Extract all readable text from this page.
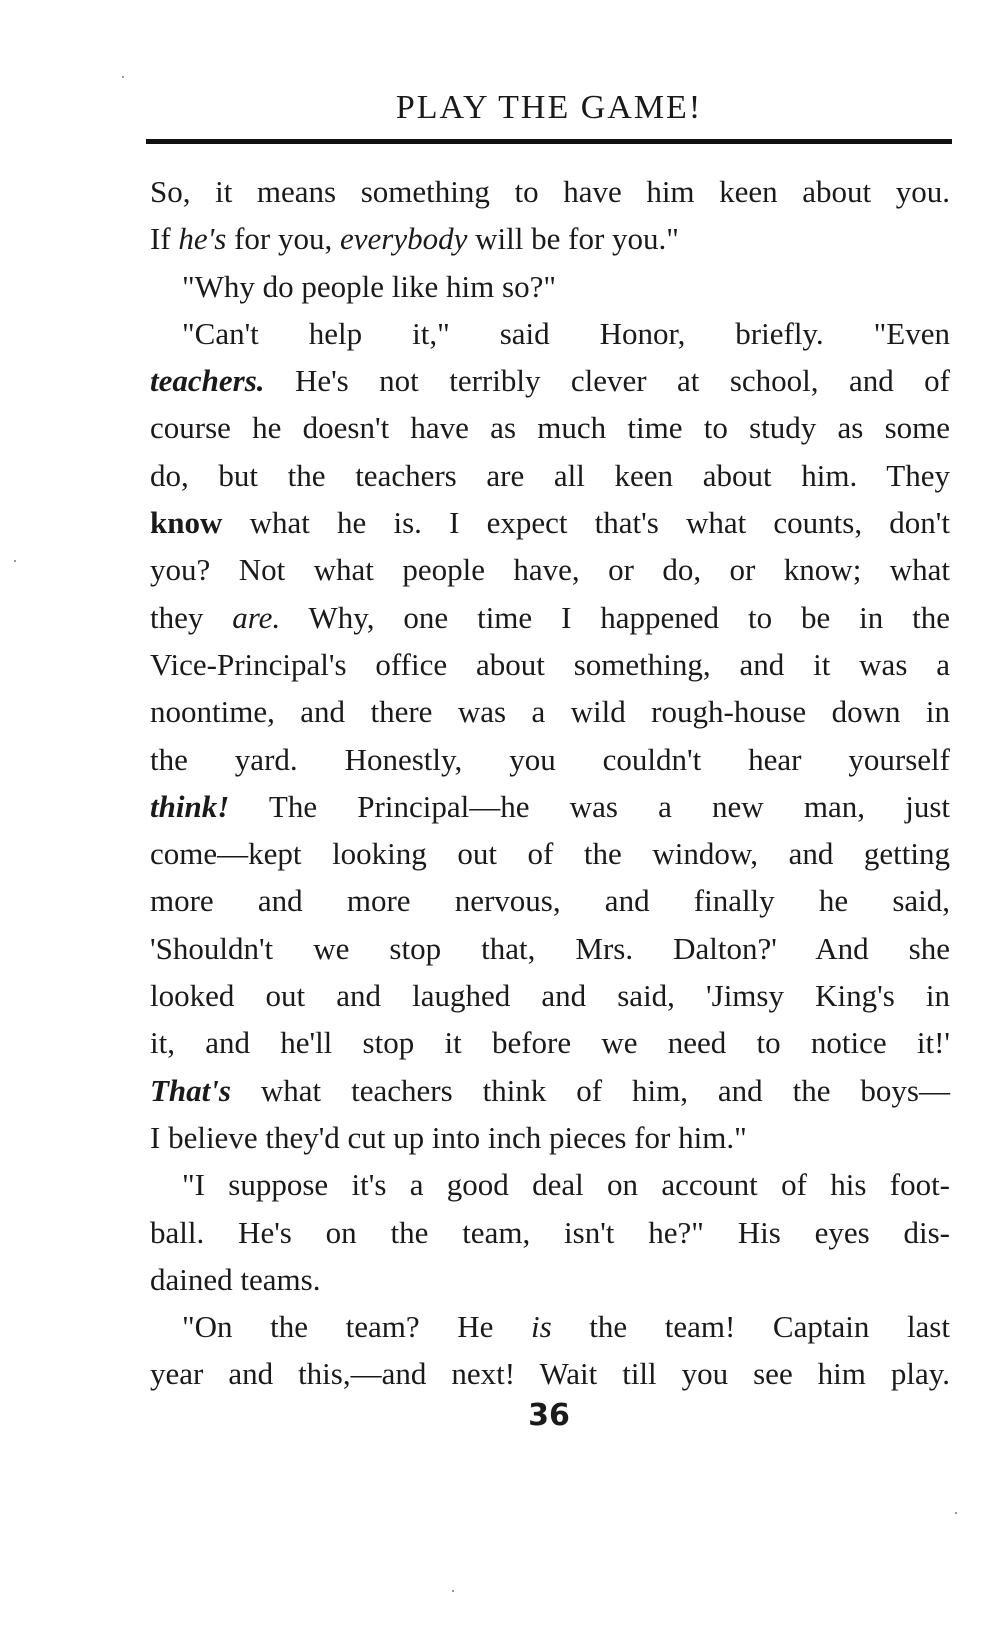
PLAY THE GAME!
So, it means something to have him keen about you.
If he's for you, everybody will be for you."
"Why do people like him so?"
"Can't help it," said Honor, briefly. "Even
teachers. He's not terribly clever at school, and of
course he doesn't have as much time to study as some
do, but the teachers are all keen about him. They
know what he is. I expect that's what counts, don't
you? Not what people have, or do, or know; what
they are. Why, one time I happened to be in the
Vice-Principal's office about something, and it was a
noontime, and there was a wild rough-house down in
the yard. Honestly, you couldn't hear yourself
think! The Principal—he was a new man, just
come—kept looking out of the window, and getting
more and more nervous, and finally he said,
'Shouldn't we stop that, Mrs. Dalton?' And she
looked out and laughed and said, 'Jimsy King's in
it, and he'll stop it before we need to notice it!'
That's what teachers think of him, and the boys—
I believe they'd cut up into inch pieces for him."
"I suppose it's a good deal on account of his foot-
ball. He's on the team, isn't he?" His eyes dis-
dained teams.
"On the team? He is the team! Captain last
year and this,—and next! Wait till you see him play.
36
